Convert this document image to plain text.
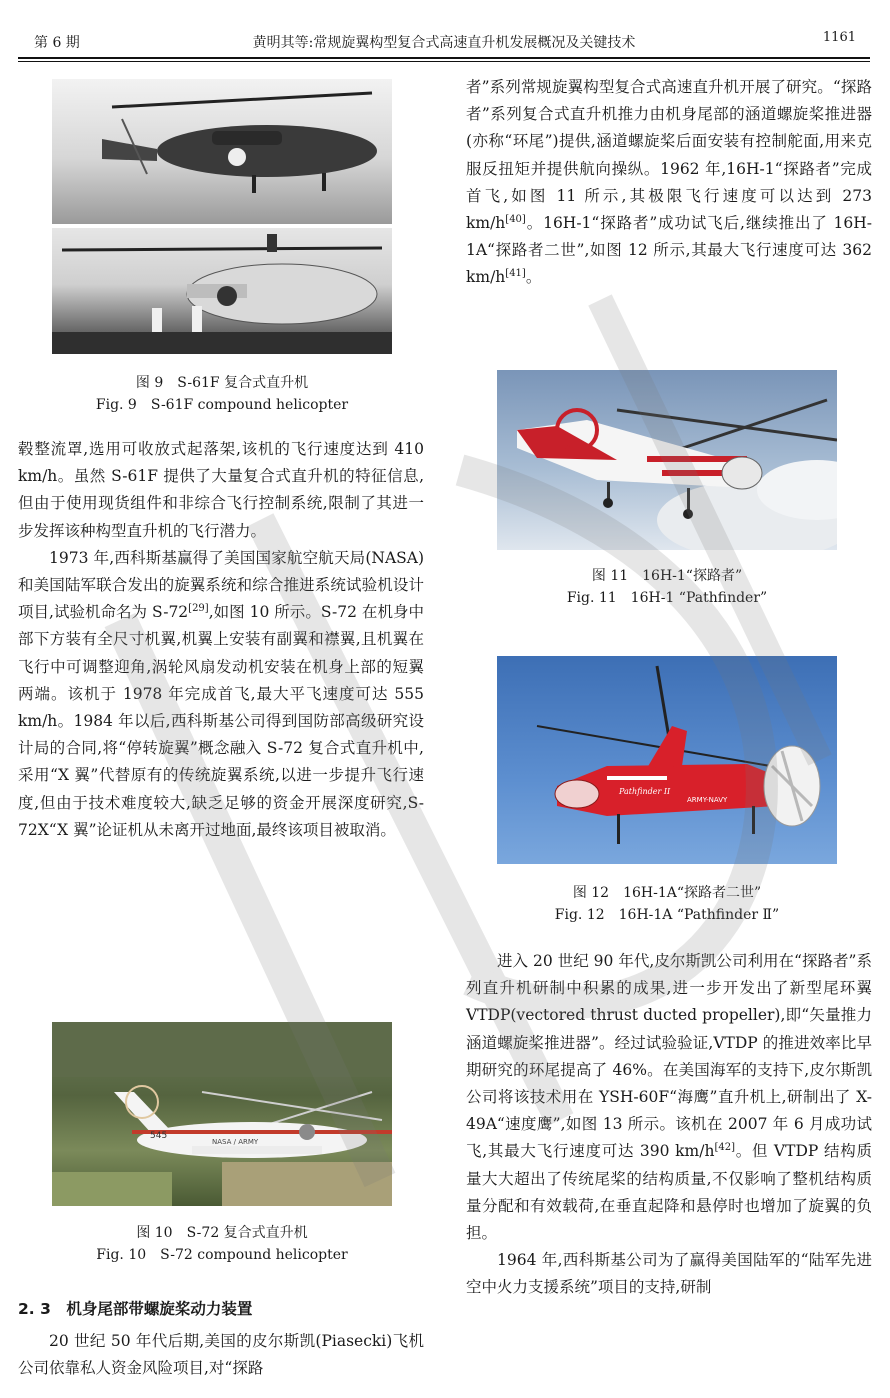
第 6 期	黄明其等:常规旋翼构型复合式高速直升机发展概况及关键技术	1161
图 9　S-61F 复合式直升机
Fig. 9　S-61F compound helicopter

毂整流罩,选用可收放式起落架,该机的飞行速度达到 410 km/h。虽然 S-61F 提供了大量复合式直升机的特征信息,但由于使用现货组件和非综合飞行控制系统,限制了其进一步发挥该种构型直升机的飞行潜力。

1973 年,西科斯基赢得了美国国家航空航天局(NASA)和美国陆军联合发出的旋翼系统和综合推进系统试验机设计项目,试验机命名为 S-72[29],如图 10 所示。S-72 在机身中部下方装有全尺寸机翼,机翼上安装有副翼和襟翼,且机翼在飞行中可调整迎角,涡轮风扇发动机安装在机身上部的短翼两端。该机于 1978 年完成首飞,最大平飞速度可达 555 km/h。1984 年以后,西科斯基公司得到国防部高级研究设计局的合同,将“停转旋翼”概念融入 S-72 复合式直升机中,采用“X 翼”代替原有的传统旋翼系统,以进一步提升飞行速度,但由于技术难度较大,缺乏足够的资金开展深度研究,S-72X“X 翼”论证机从未离开过地面,最终该项目被取消。

545
NASA / ARMY
图 10　S-72 复合式直升机
Fig. 10　S-72 compound helicopter
2. 3　机身尾部带螺旋桨动力装置

20 世纪 50 年代后期,美国的皮尔斯凯(Piasecki)飞机公司依靠私人资金风险项目,对“探路

者”系列常规旋翼构型复合式高速直升机开展了研究。“探路者”系列复合式直升机推力由机身尾部的涵道螺旋桨推进器(亦称“环尾”)提供,涵道螺旋桨后面安装有控制舵面,用来克服反扭矩并提供航向操纵。1962 年,16H-1“探路者”完成首飞,如图 11 所示,其极限飞行速度可以达到 273 km/h[40]。16H-1“探路者”成功试飞后,继续推出了 16H-1A“探路者二世”,如图 12 所示,其最大飞行速度可达 362 km/h[41]。

图 11　16H-1“探路者”
Fig. 11　16H-1 “Pathfinder”
Pathfinder II
ARMY-NAVY
图 12　16H-1A“探路者二世”
Fig. 12　16H-1A “Pathfinder Ⅱ”

进入 20 世纪 90 年代,皮尔斯凯公司利用在“探路者”系列直升机研制中积累的成果,进一步开发出了新型尾环翼 VTDP(vectored thrust ducted propeller),即“矢量推力涵道螺旋桨推进器”。经过试验验证,VTDP 的推进效率比早期研究的环尾提高了 46%。在美国海军的支持下,皮尔斯凯公司将该技术用在 YSH-60F“海鹰”直升机上,研制出了 X-49A“速度鹰”,如图 13 所示。该机在 2007 年 6 月成功试飞,其最大飞行速度可达 390 km/h[42]。但 VTDP 结构质量大大超出了传统尾桨的结构质量,不仅影响了整机结构质量分配和有效载荷,在垂直起降和悬停时也增加了旋翼的负担。

1964 年,西科斯基公司为了赢得美国陆军的“陆军先进空中火力支援系统”项目的支持,研制
